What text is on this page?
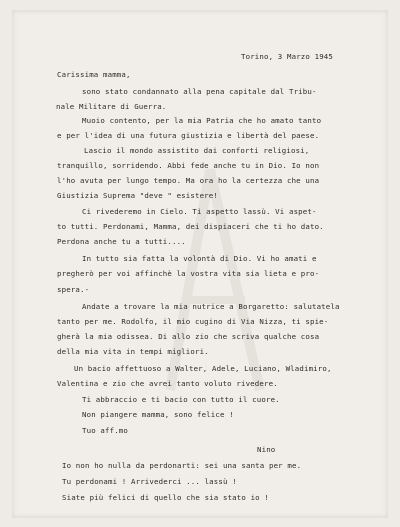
Torino, 3 Marzo 1945
Carissima mamma,
sono stato condannato alla pena capitale dal Tribu-
nale Militare di Guerra.
Muoio contento, per la mia Patria che ho amato tanto
e per l'idea di una futura giustizia e libertà del paese.
Lascio il mondo assistito dai conforti religiosi,
tranquillo, sorridendo. Abbi fede anche tu in Dio. Io non
l'ho avuta per lungo tempo. Ma ora ho la certezza che una
Giustizia Suprema "deve " esistere!
Ci rivederemo in Cielo. Ti aspetto lassù. Vi aspet-
to tutti. Perdonami, Mamma, dei dispiaceri che ti ho dato.
Perdona anche tu a tutti....
In tutto sia fatta la volontà di Dio. Vi ho amati e
pregherò per voi affinchè la vostra vita sia lieta e pro-
spera.-
Andate a trovare la mia nutrice a Borgaretto: salutatela
tanto per me. Rodolfo, il mio cugino di Via Nizza, ti spie-
gherà la mia odissea. Di allo zio che scriva qualche cosa
della mia vita in tempi migliori.
Un bacio affettuoso a Walter, Adele, Luciano, Wladimiro,
Valentina e zio che avrei tanto voluto rivedere.
Ti abbraccio e ti bacio con tutto il cuore.
Non piangere mamma, sono felice !
Tuo aff.mo
Nino
Io non ho nulla da perdonarti: sei una santa per me.
Tu perdonami ! Arrivederci ... lassù !
Siate più felici di quello che sia stato io !
